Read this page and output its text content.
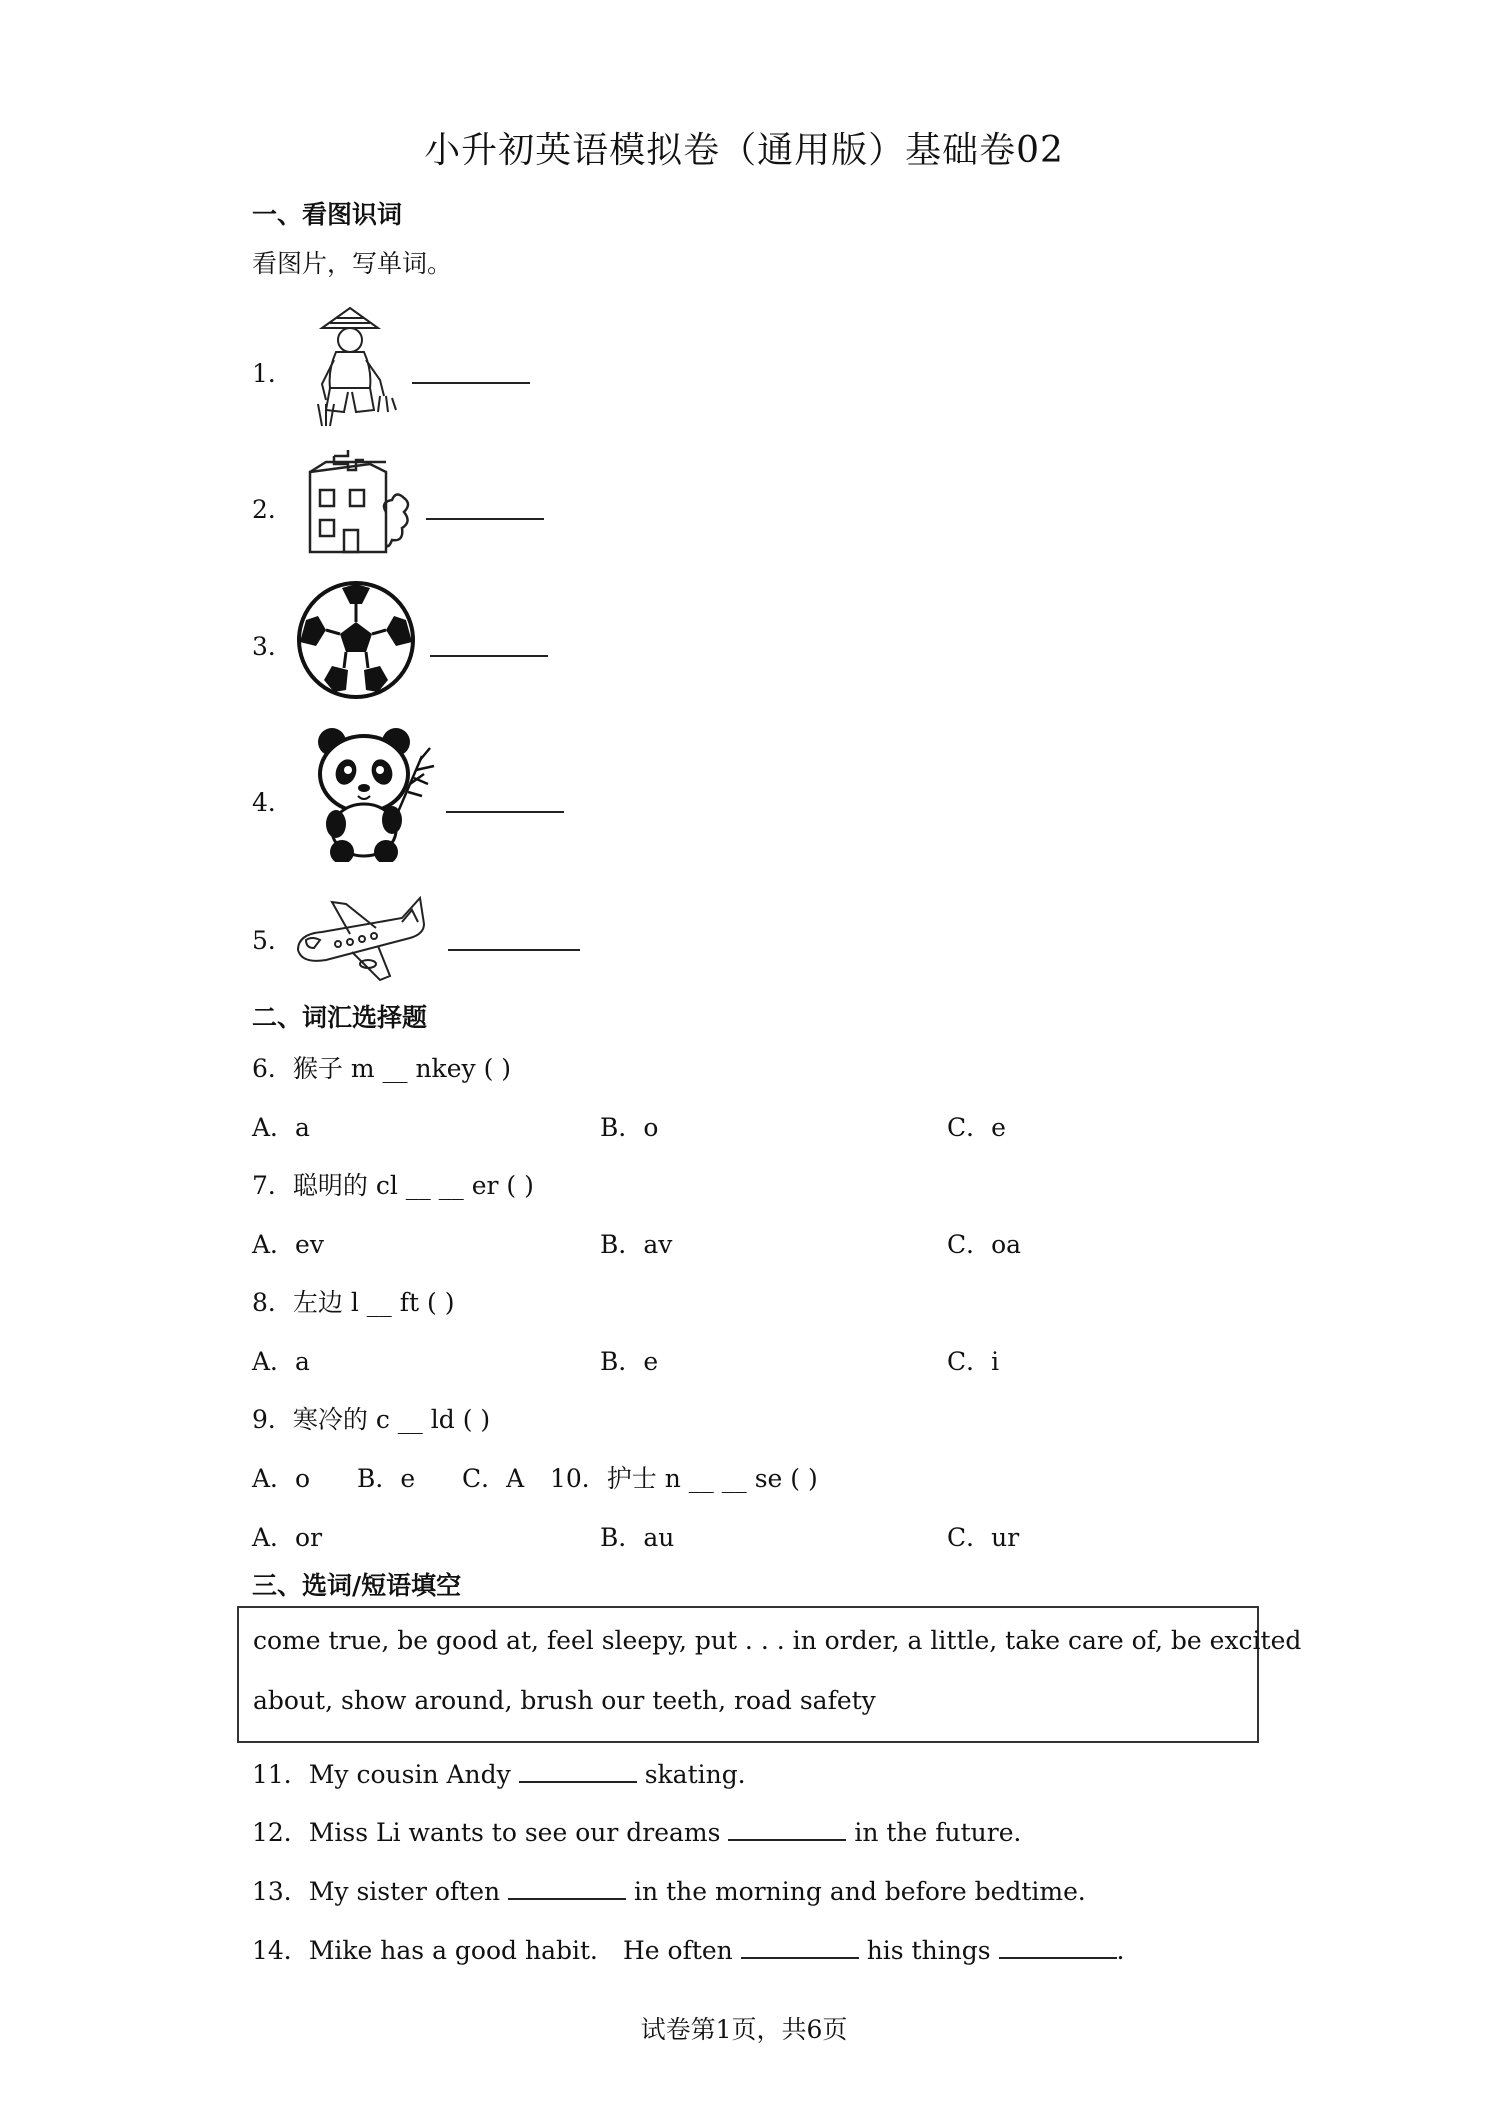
小升初英语模拟卷（通用版）基础卷02
一、看图识词
看图片，写单词。
1．
2．
3．
4．
5．
二、词汇选择题
6．猴子 m __ nkey ( )
A．a	B．o	C．e
7．聪明的 cl __ __ er ( )
A．ev	B．av	C．oa
8．左边 l __ ft ( )
A．a	B．e	C．i
9．寒冷的 c __ ld ( )
A．o B．e C．A 10．护士 n __ __ se ( )
A．or	B．au	C．ur
三、选词/短语填空
come true, be good at, feel sleepy, put . . . in order, a little, take care of, be excited
about, show around, brush our teeth, road safety
11．My cousin Andy	skating．
12．Miss Li wants to see our dreams	in the future．
13．My sister often	in the morning and before bedtime．
14．Mike has a good habit． He often	his things	．
试卷第1页，共6页
